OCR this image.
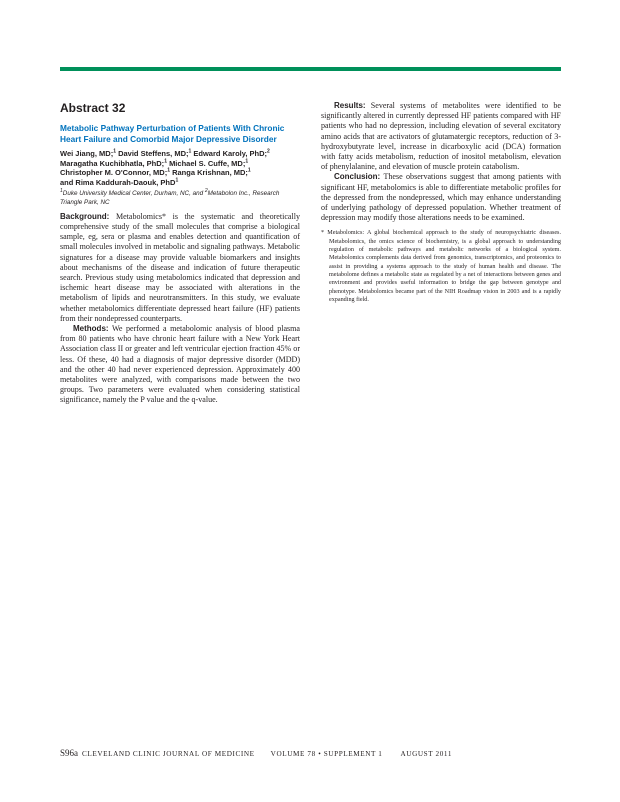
Abstract 32
Metabolic Pathway Perturbation of Patients With Chronic Heart Failure and Comorbid Major Depressive Disorder
Wei Jiang, MD;$^1$ David Steffens, MD;$^1$ Edward Karoly, PhD;$^2$ Maragatha Kuchibhatla, PhD;$^1$ Michael S. Cuffe, MD;$^1$ Christopher M. O'Connor, MD;$^1$ Ranga Krishnan, MD;$^1$
and Rima Kaddurah-Daouk, PhD$^1$
$^1$Duke University Medical Center, Durham, NC, and $^2$Metabolon Inc., Research Triangle Park, NC

Background: Metabolomics* is the systematic and theoretically comprehensive study of the small molecules that comprise a biological sample, eg, sera or plasma and enables detection and quantification of small molecules involved in metabolic and signaling pathways. Metabolic signatures for a disease may provide valuable biomarkers and insights about mechanisms of the disease and indication of future therapeutic search. Previous study using metabolomics indicated that depression and ischemic heart disease may be associated with alterations in the metabolism of lipids and neurotransmitters. In this study, we evaluate whether metabolomics differentiate depressed heart failure (HF) patients from their nondepressed counterparts.

Methods: We performed a metabolomic analysis of blood plasma from 80 patients who have chronic heart failure with a New York Heart Association class II or greater and left ventricular ejection fraction 45% or less. Of these, 40 had a diagnosis of major depressive disorder (MDD) and the other 40 had never experienced depression. Approximately 400 metabolites were analyzed, with comparisons made between the two groups. Two parameters were evaluated when considering statistical significance, namely the P value and the q-value.

Results: Several systems of metabolites were identified to be significantly altered in currently depressed HF patients compared with HF patients who had no depression, including elevation of several excitatory amino acids that are activators of glutamatergic receptors, reduction of 3-hydroxybutyrate level, increase in dicarboxylic acid (DCA) formation with fatty acids metabolism, reduction of inositol metabolism, elevation of phenylalanine, and elevation of muscle protein catabolism.

Conclusion: These observations suggest that among patients with significant HF, metabolomics is able to differentiate metabolic profiles for the depressed from the nondepressed, which may enhance understanding of underlying pathology of depressed population. Whether treatment of depression may modify those alterations needs to be examined.

* Metabolomics: A global biochemical approach to the study of neuropsychiatric diseases. Metabolomics, the omics science of biochemistry, is a global approach to understanding regulation of metabolic pathways and metabolic networks of a biological system. Metabolomics complements data derived from genomics, transcriptomics, and proteomics to assist in providing a systems approach to the study of human health and disease. The metabolome defines a metabolic state as regulated by a net of interactions between genes and environment and provides useful information to bridge the gap between genotype and phenotype. Metabolomics became part of the NIH Roadmap vision in 2003 and is a rapidly expanding field.

S96a CLEVELAND CLINIC JOURNAL OF MEDICINE VOLUME 78 • SUPPLEMENT 1	AUGUST 2011
